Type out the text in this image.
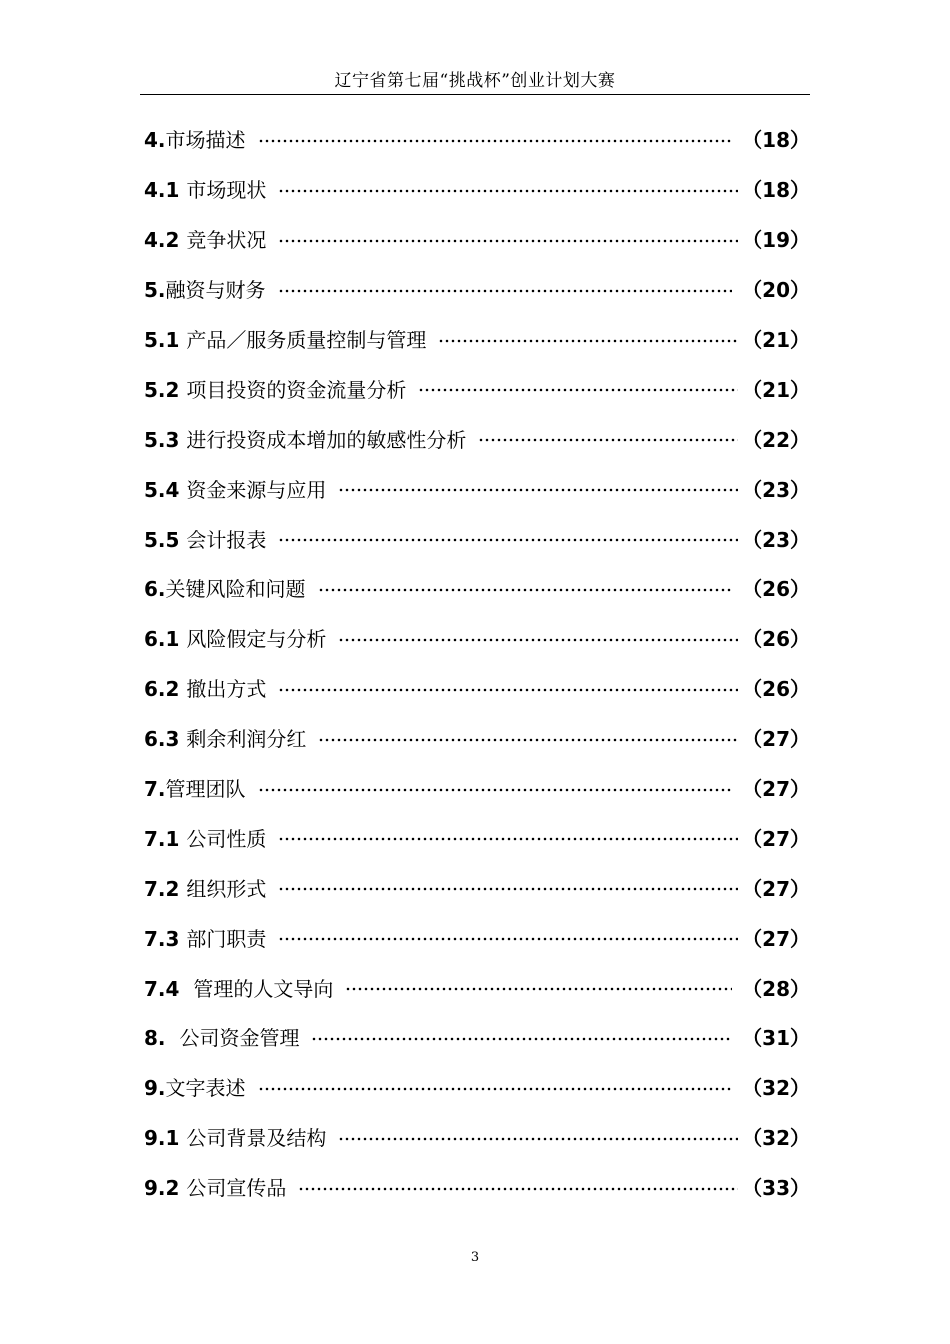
辽宁省第七届“挑战杯”创业计划大赛
4.市场描述	（18）
4.1 市场现状	（18）
4.2 竞争状况	（19）
5.融资与财务	（20）
5.1 产品／服务质量控制与管理	（21）
5.2 项目投资的资金流量分析	（21）
5.3 进行投资成本增加的敏感性分析	（22）
5.4 资金来源与应用	（23）
5.5 会计报表	（23）
6.关键风险和问题	（26）
6.1 风险假定与分析	（26）
6.2 撤出方式	（26）
6.3 剩余利润分红	（27）
7.管理团队	（27）
7.1 公司性质	（27）
7.2 组织形式	（27）
7.3 部门职责	（27）
7.4  管理的人文导向	（28）
8.  公司资金管理	（31）
9.文字表述	（32）
9.1 公司背景及结构	（32）
9.2 公司宣传品	（33）
3
